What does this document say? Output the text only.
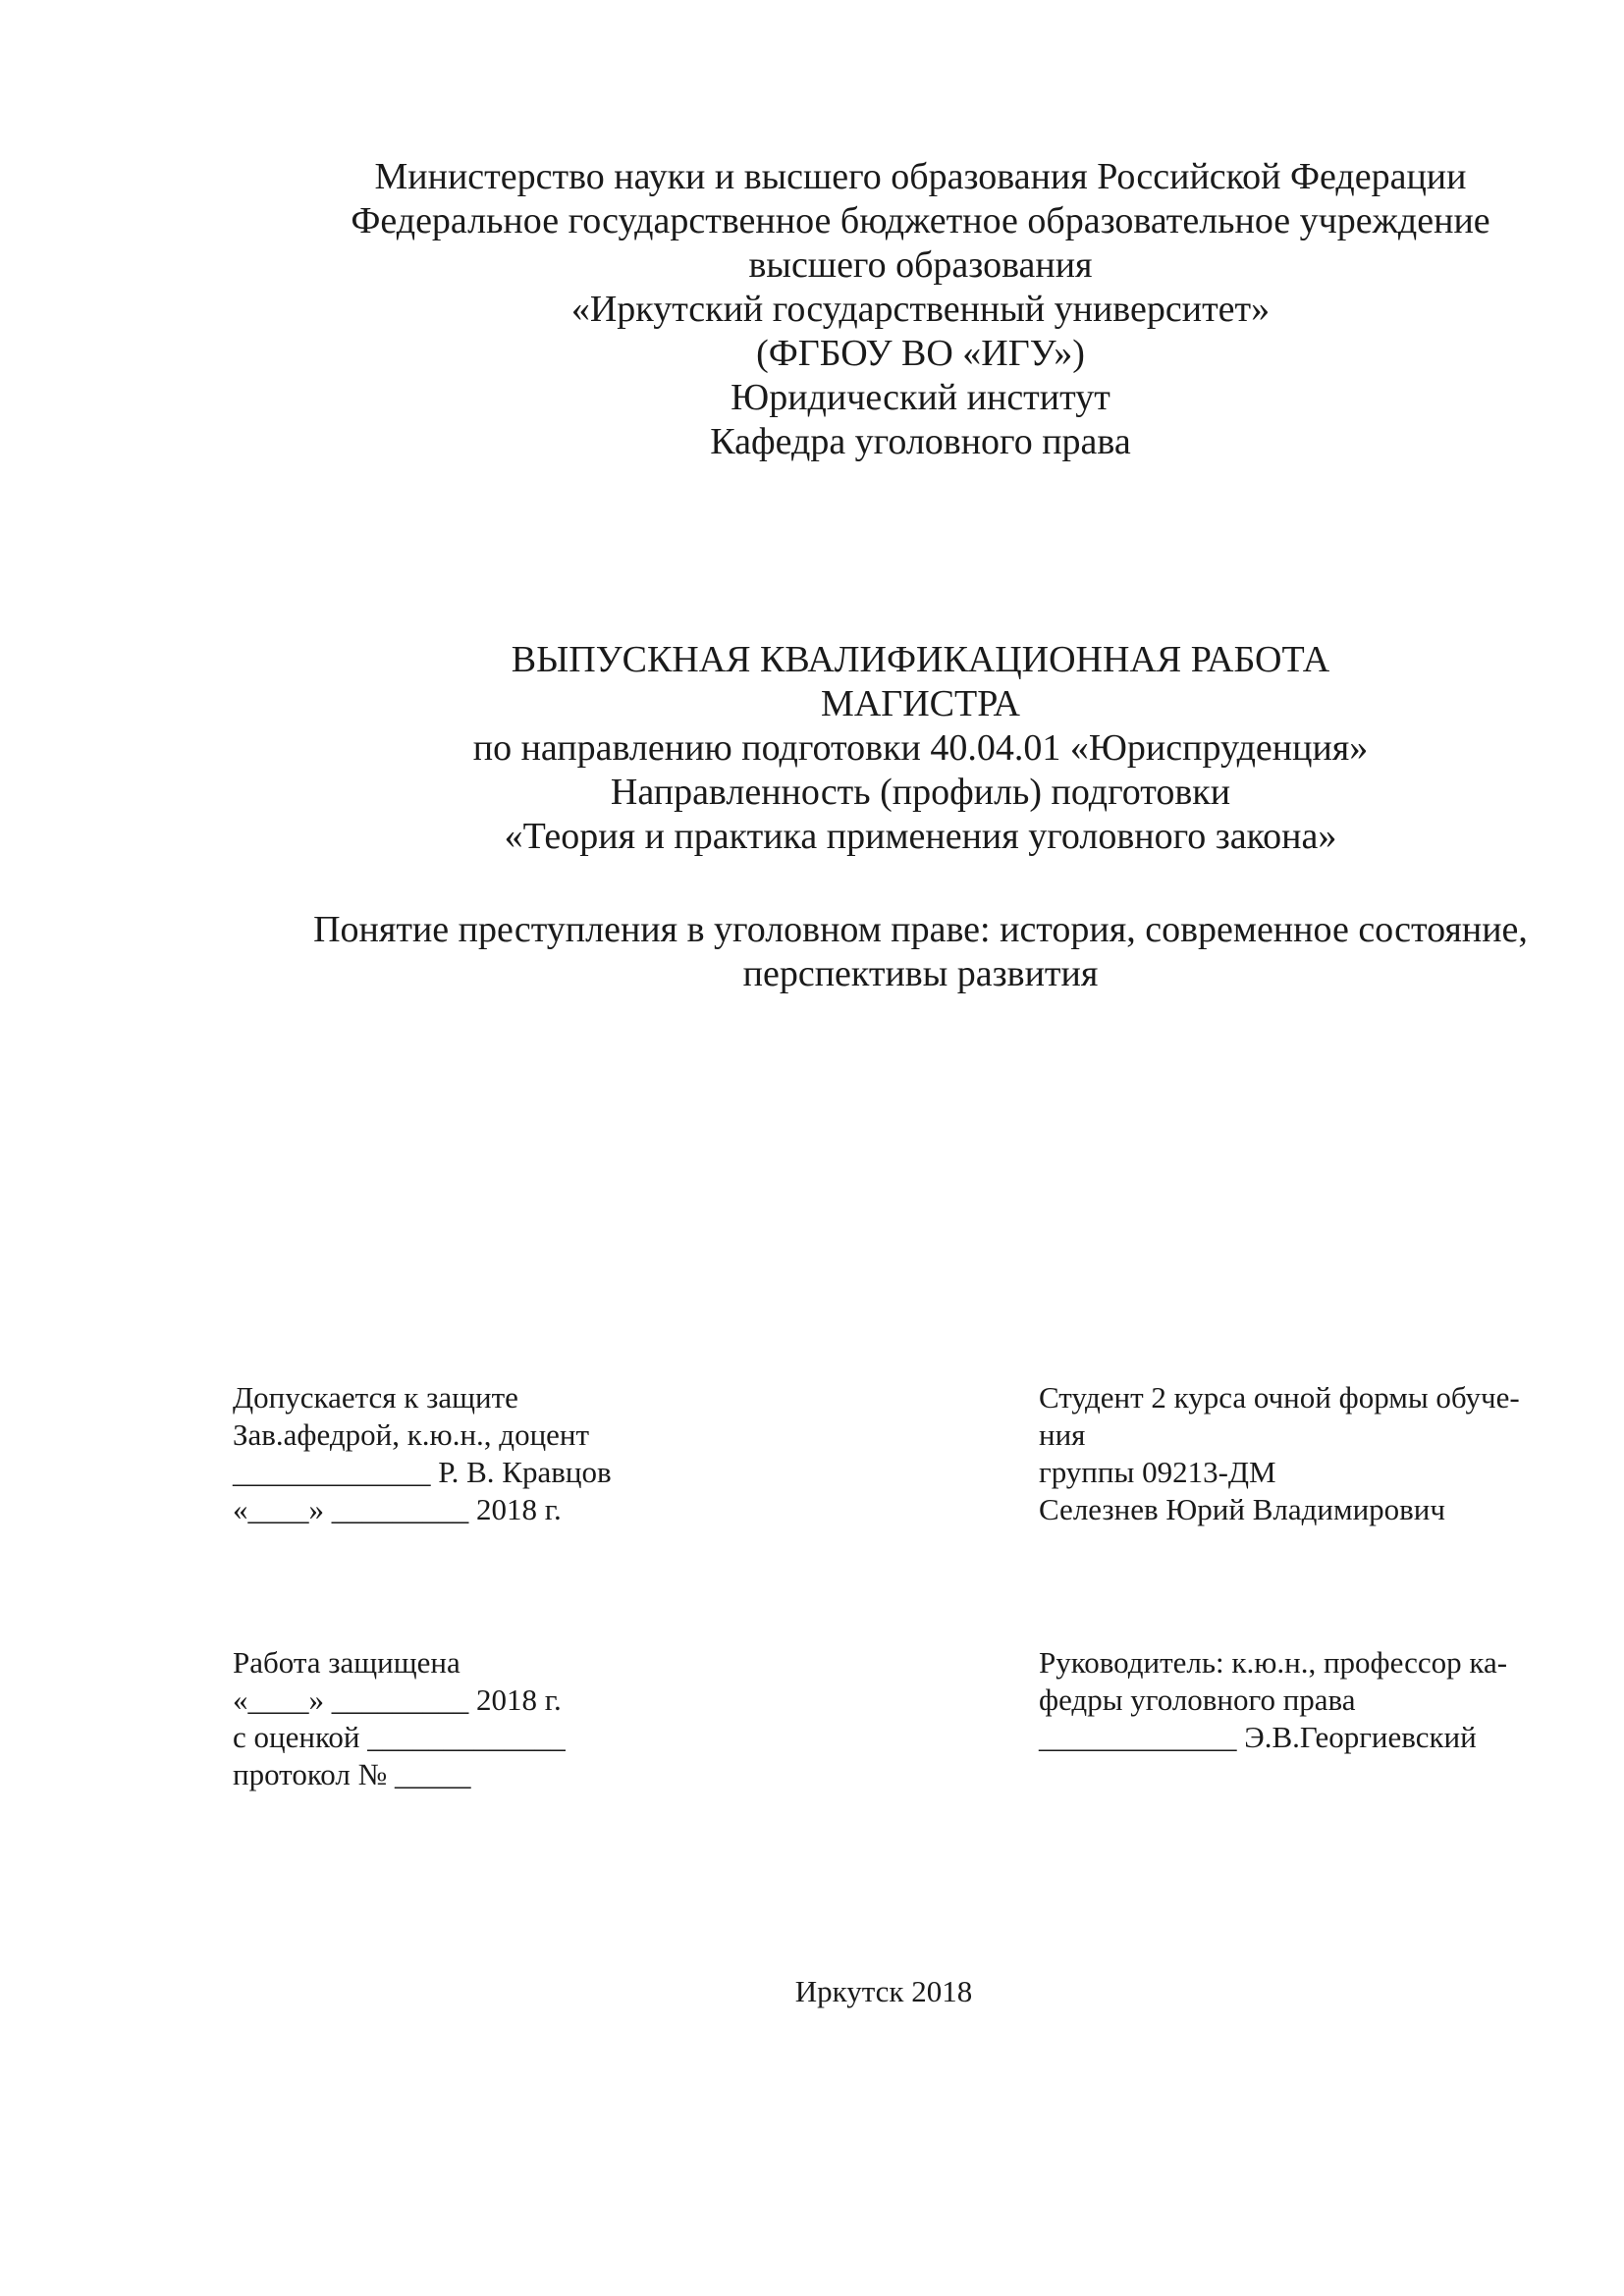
Министерство науки и высшего образования Российской Федерации
Федеральное государственное бюджетное образовательное учреждение
высшего образования
«Иркутский государственный университет»
(ФГБОУ ВО «ИГУ»)
Юридический институт
Кафедра уголовного права
ВЫПУСКНАЯ КВАЛИФИКАЦИОННАЯ РАБОТА
МАГИСТРА
по направлению подготовки 40.04.01 «Юриспруденция»
Направленность (профиль) подготовки
«Теория и практика применения уголовного закона»
Понятие преступления в уголовном праве: история, современное состояние,
перспективы развития
Допускается к защите
Зав.афедрой, к.ю.н., доцент
_____________ Р. В. Кравцов
«____» _________ 2018 г.
Студент 2 курса очной формы обуче-
ния
группы 09213-ДМ
Селезнев Юрий Владимирович
Работа защищена
«____» _________ 2018 г.
с оценкой _____________
протокол № _____
Руководитель: к.ю.н., профессор ка-
федры уголовного права
_____________ Э.В.Георгиевский
Иркутск 2018
